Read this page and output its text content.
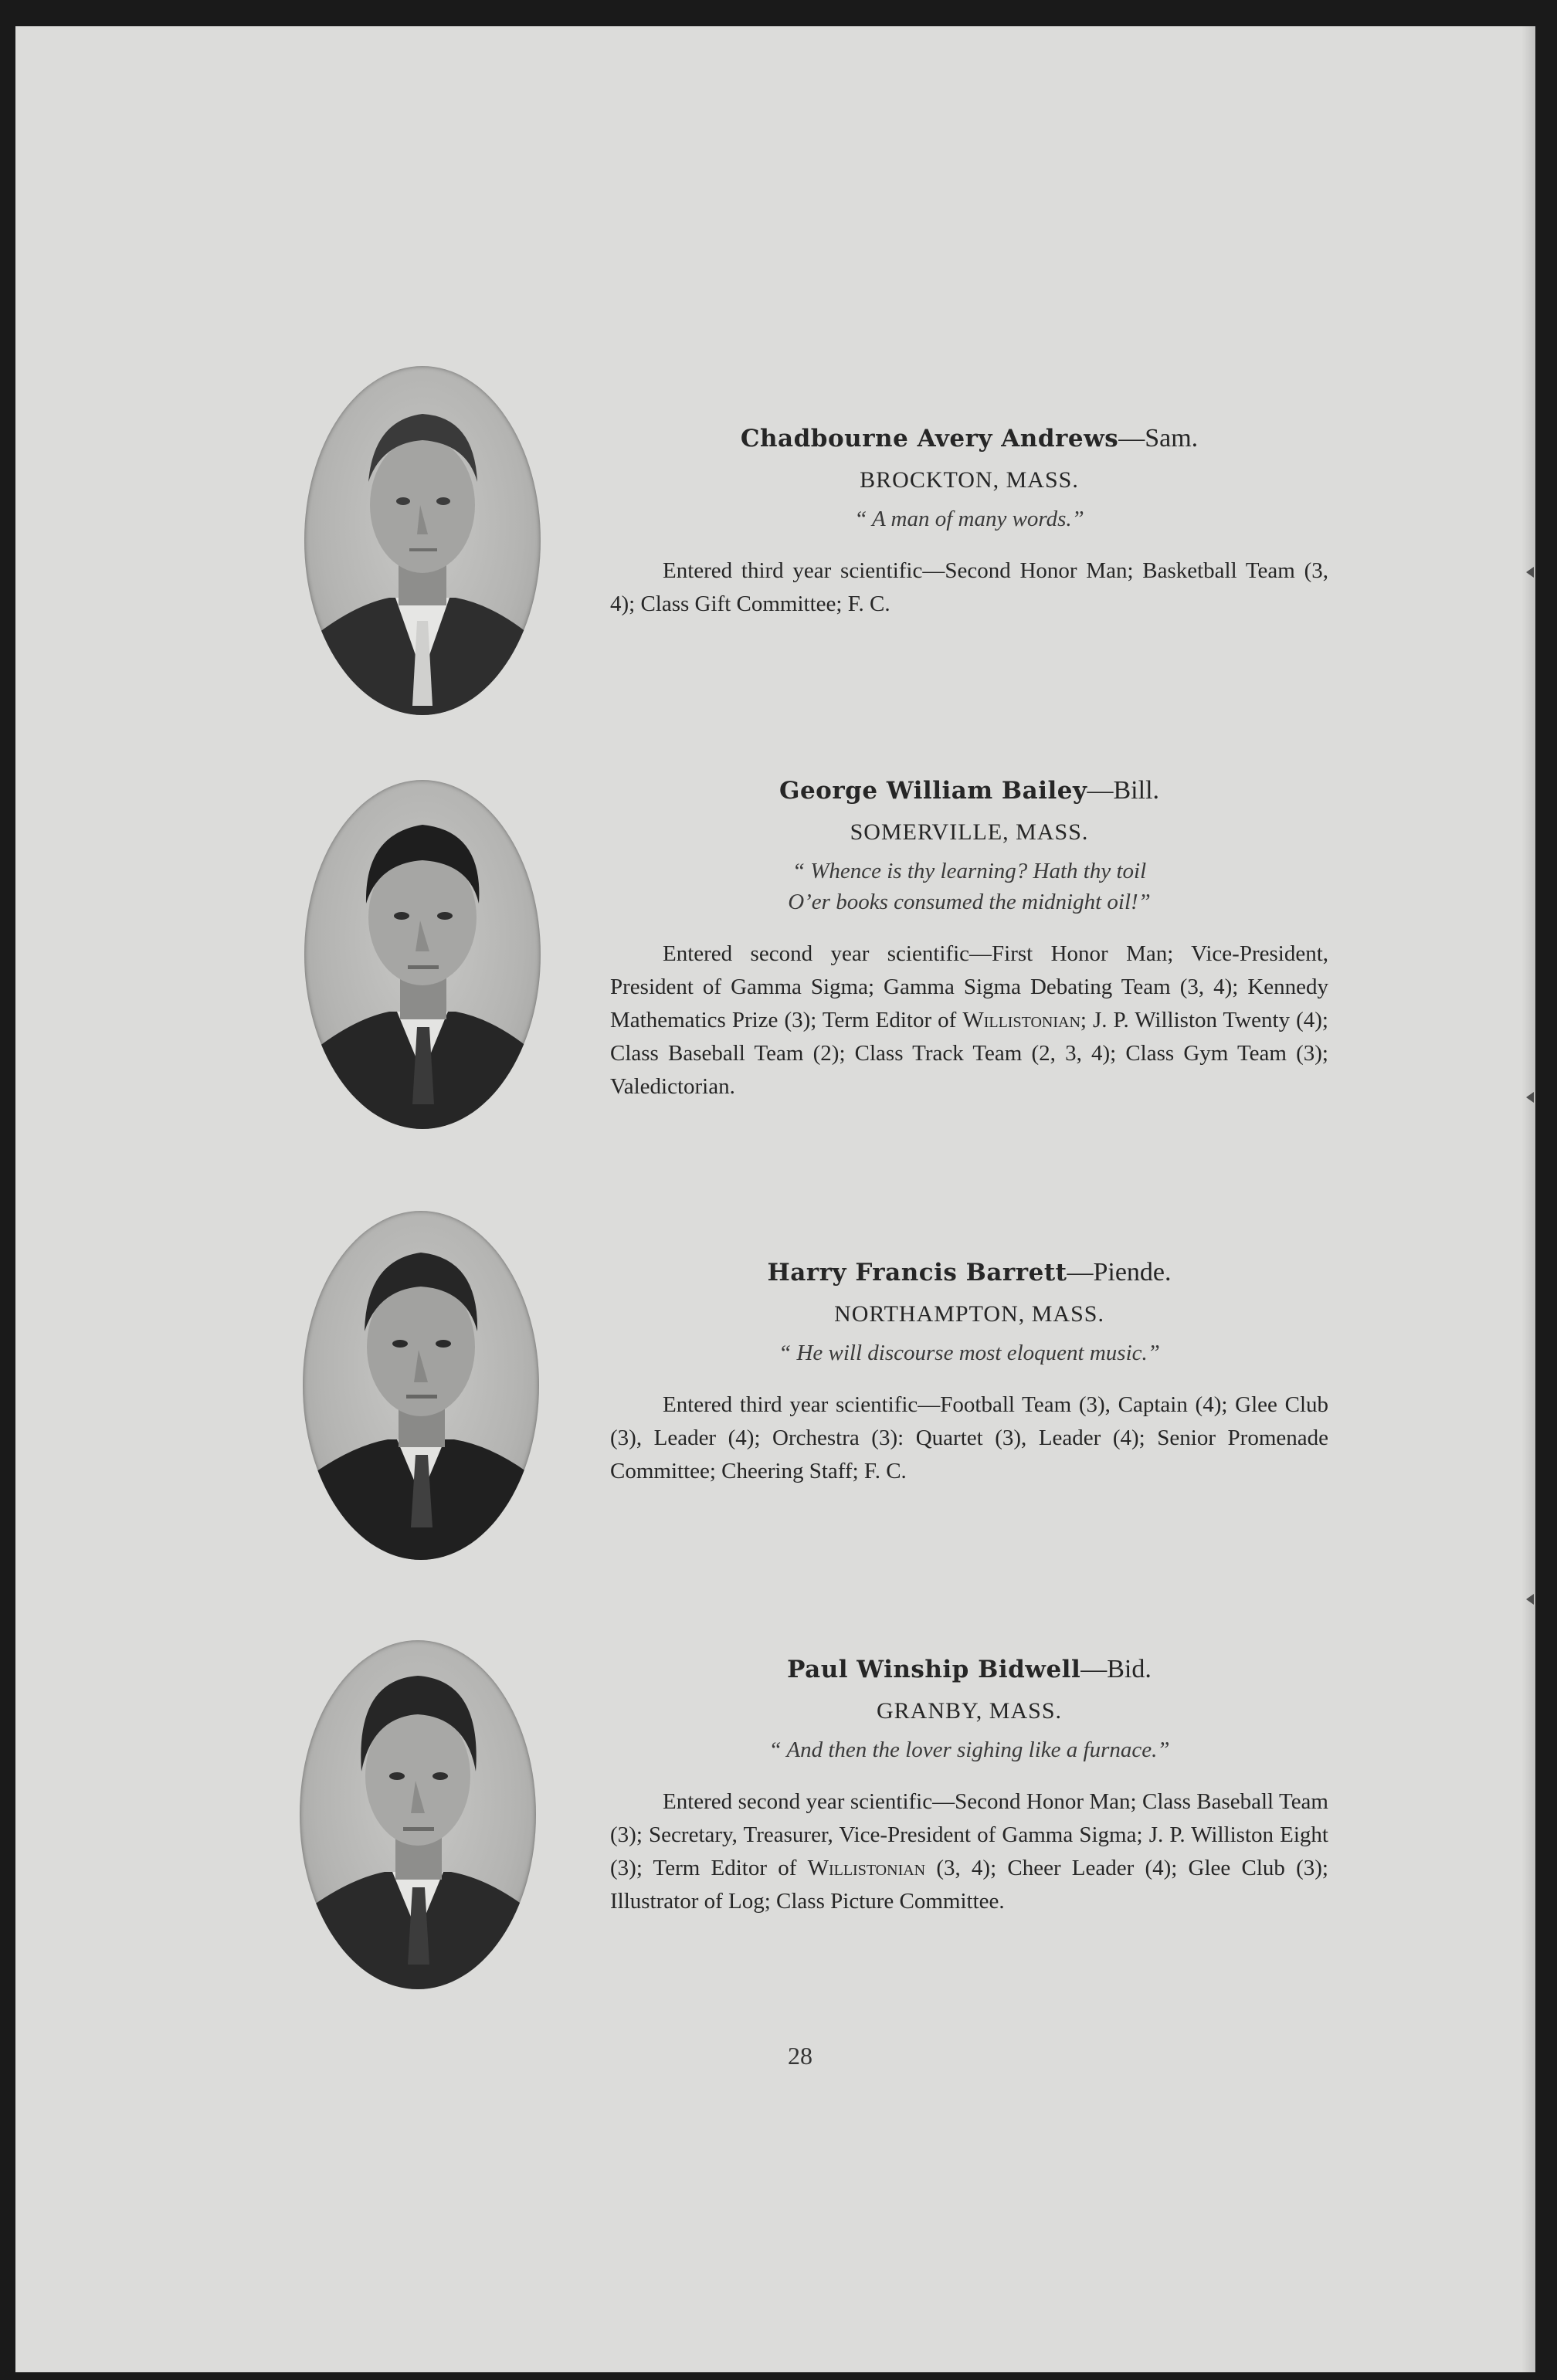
Chadbourne Avery Andrews—Sam.

BROCKTON, MASS.

“ A man of many words.”

Entered third year scientific—Second Honor Man; Basketball Team (3, 4); Class Gift Committee; F. C.

George William Bailey—Bill.

SOMERVILLE, MASS.

“ Whence is thy learning? Hath thy toil
O’er books consumed the midnight oil!”

Entered second year scientific—First Honor Man; Vice-President, President of Gamma Sigma; Gamma Sigma Debating Team (3, 4); Kennedy Mathematics Prize (3); Term Editor of Willistonian; J. P. Williston Twenty (4); Class Baseball Team (2); Class Track Team (2, 3, 4); Class Gym Team (3); Valedictorian.

Harry Francis Barrett—Piende.

NORTHAMPTON, MASS.

“ He will discourse most eloquent music.”

Entered third year scientific—Football Team (3), Captain (4); Glee Club (3), Leader (4); Orchestra (3): Quartet (3), Leader (4); Senior Promenade Committee; Cheering Staff; F. C.

Paul Winship Bidwell—Bid.

GRANBY, MASS.

“ And then the lover sighing like a furnace.”

Entered second year scientific—Second Honor Man; Class Baseball Team (3); Secretary, Treasurer, Vice-President of Gamma Sigma; J. P. Williston Eight (3); Term Editor of Willistonian (3, 4); Cheer Leader (4); Glee Club (3); Illustrator of Log; Class Picture Committee.

28
